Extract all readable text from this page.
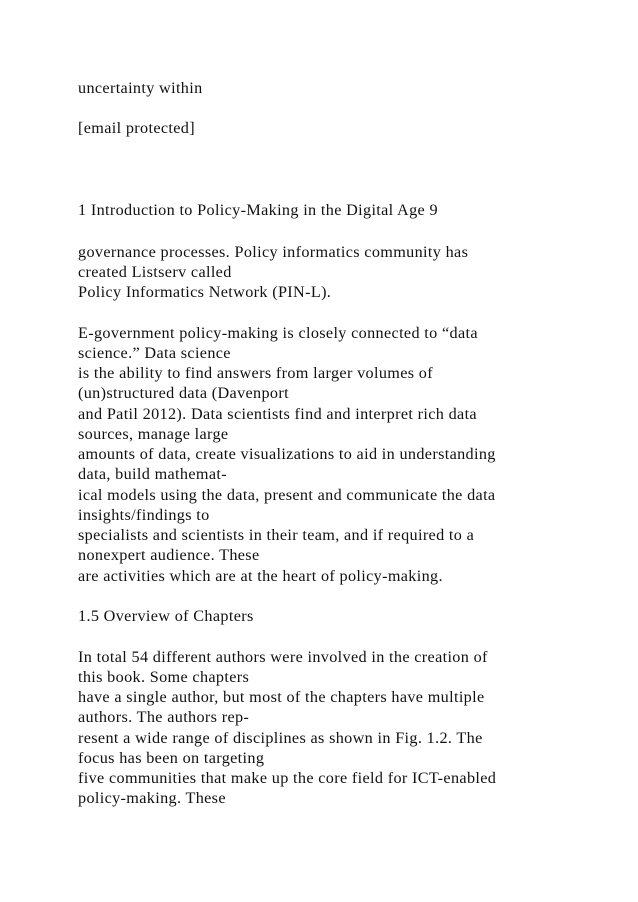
uncertainty within

[email protected]

1 Introduction to Policy-Making in the Digital Age 9

governance processes. Policy informatics community has

created Listserv called

Policy Informatics Network (PIN-L).

E-government policy-making is closely connected to “data

science.” Data science

is the ability to find answers from larger volumes of

(un)structured data (Davenport

and Patil 2012). Data scientists find and interpret rich data

sources, manage large

amounts of data, create visualizations to aid in understanding

data, build mathemat-

ical models using the data, present and communicate the data

insights/findings to

specialists and scientists in their team, and if required to a

nonexpert audience. These

are activities which are at the heart of policy-making.

1.5 Overview of Chapters

In total 54 different authors were involved in the creation of

this book. Some chapters

have a single author, but most of the chapters have multiple

authors. The authors rep-

resent a wide range of disciplines as shown in Fig. 1.2. The

focus has been on targeting

five communities that make up the core field for ICT-enabled

policy-making. These
